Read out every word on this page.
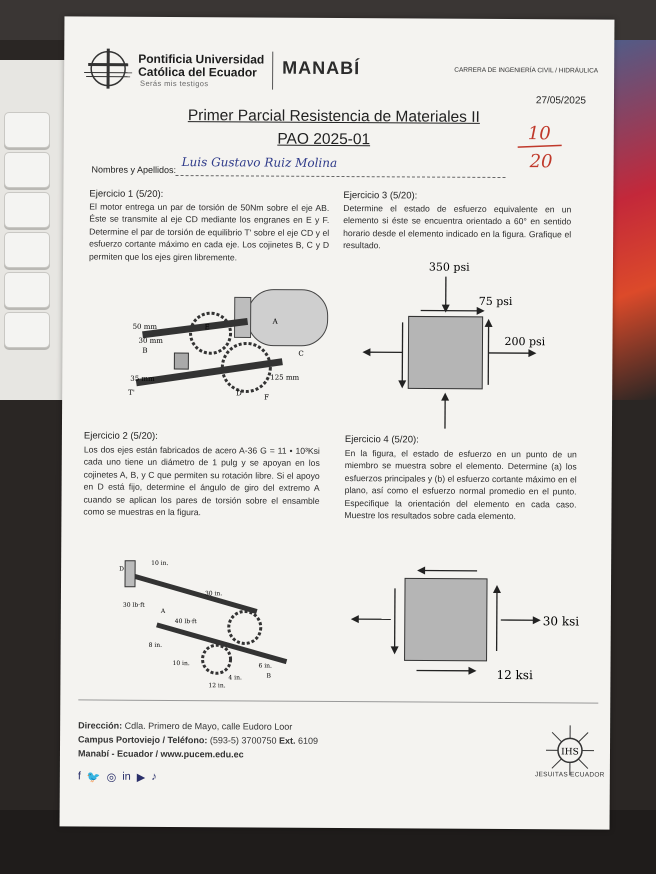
Pontificia Universidad
Católica del Ecuador
Serás mis testigos
MANABÍ	CARRERA DE INGENIERÍA CIVIL / HIDRÁULICA
27/05/2025
Primer Parcial Resistencia de Materiales II
PAO 2025-01	10
20
Nombres y Apellidos: Luis Gustavo Ruiz Molina
Ejercicio 1 (5/20):
El motor entrega un par de torsión de 50Nm sobre el eje AB. Éste se transmite al eje CD mediante los engranes en E y F. Determine el par de torsión de equilibrio T' sobre el eje CD y el esfuerzo cortante máximo en cada eje. Los cojinetes B, C y D permiten que los ejes giren libremente.
50 mm
30 mm
35 mm	125 mm
A
B	C
D
E
F
T'
Ejercicio 3 (5/20):
Determine el estado de esfuerzo equivalente en un elemento si éste se encuentra orientado a 60° en sentido horario desde el elemento indicado en la figura. Grafique el resultado.
350 psi
75 psi
200 psi
Ejercicio 2 (5/20):
Los dos ejes están fabricados de acero A-36 G = 11 • 10³Ksi cada uno tiene un diámetro de 1 pulg y se apoyan en los cojinetes A, B, y C que permiten su rotación libre. Si el apoyo en D está fijo, determine el ángulo de giro del extremo A cuando se aplican los pares de torsión sobre el ensamble como se muestras en la figura.
10 in.
30 in.
30 lb·ft
40 lb·ft
8 in.
10 in.	6 in.
4 in.
12 in.
D
A
B
Ejercicio 4 (5/20):
En la figura, el estado de esfuerzo en un punto de un miembro se muestra sobre el elemento. Determine (a) los esfuerzos principales y (b) el esfuerzo cortante máximo en el plano, así como el esfuerzo normal promedio en el punto. Especifique la orientación del elemento en cada caso. Muestre los resultados sobre cada elemento.
30 ksi
12 ksi
Dirección: Cdla. Primero de Mayo, calle Eudoro Loor
Campus Portoviejo / Teléfono: (593-5) 3700750 Ext. 6109
Manabí - Ecuador / www.pucem.edu.ec
f 🐦 ◎ in ▶ ♪
IHS
JESUITAS ECUADOR
